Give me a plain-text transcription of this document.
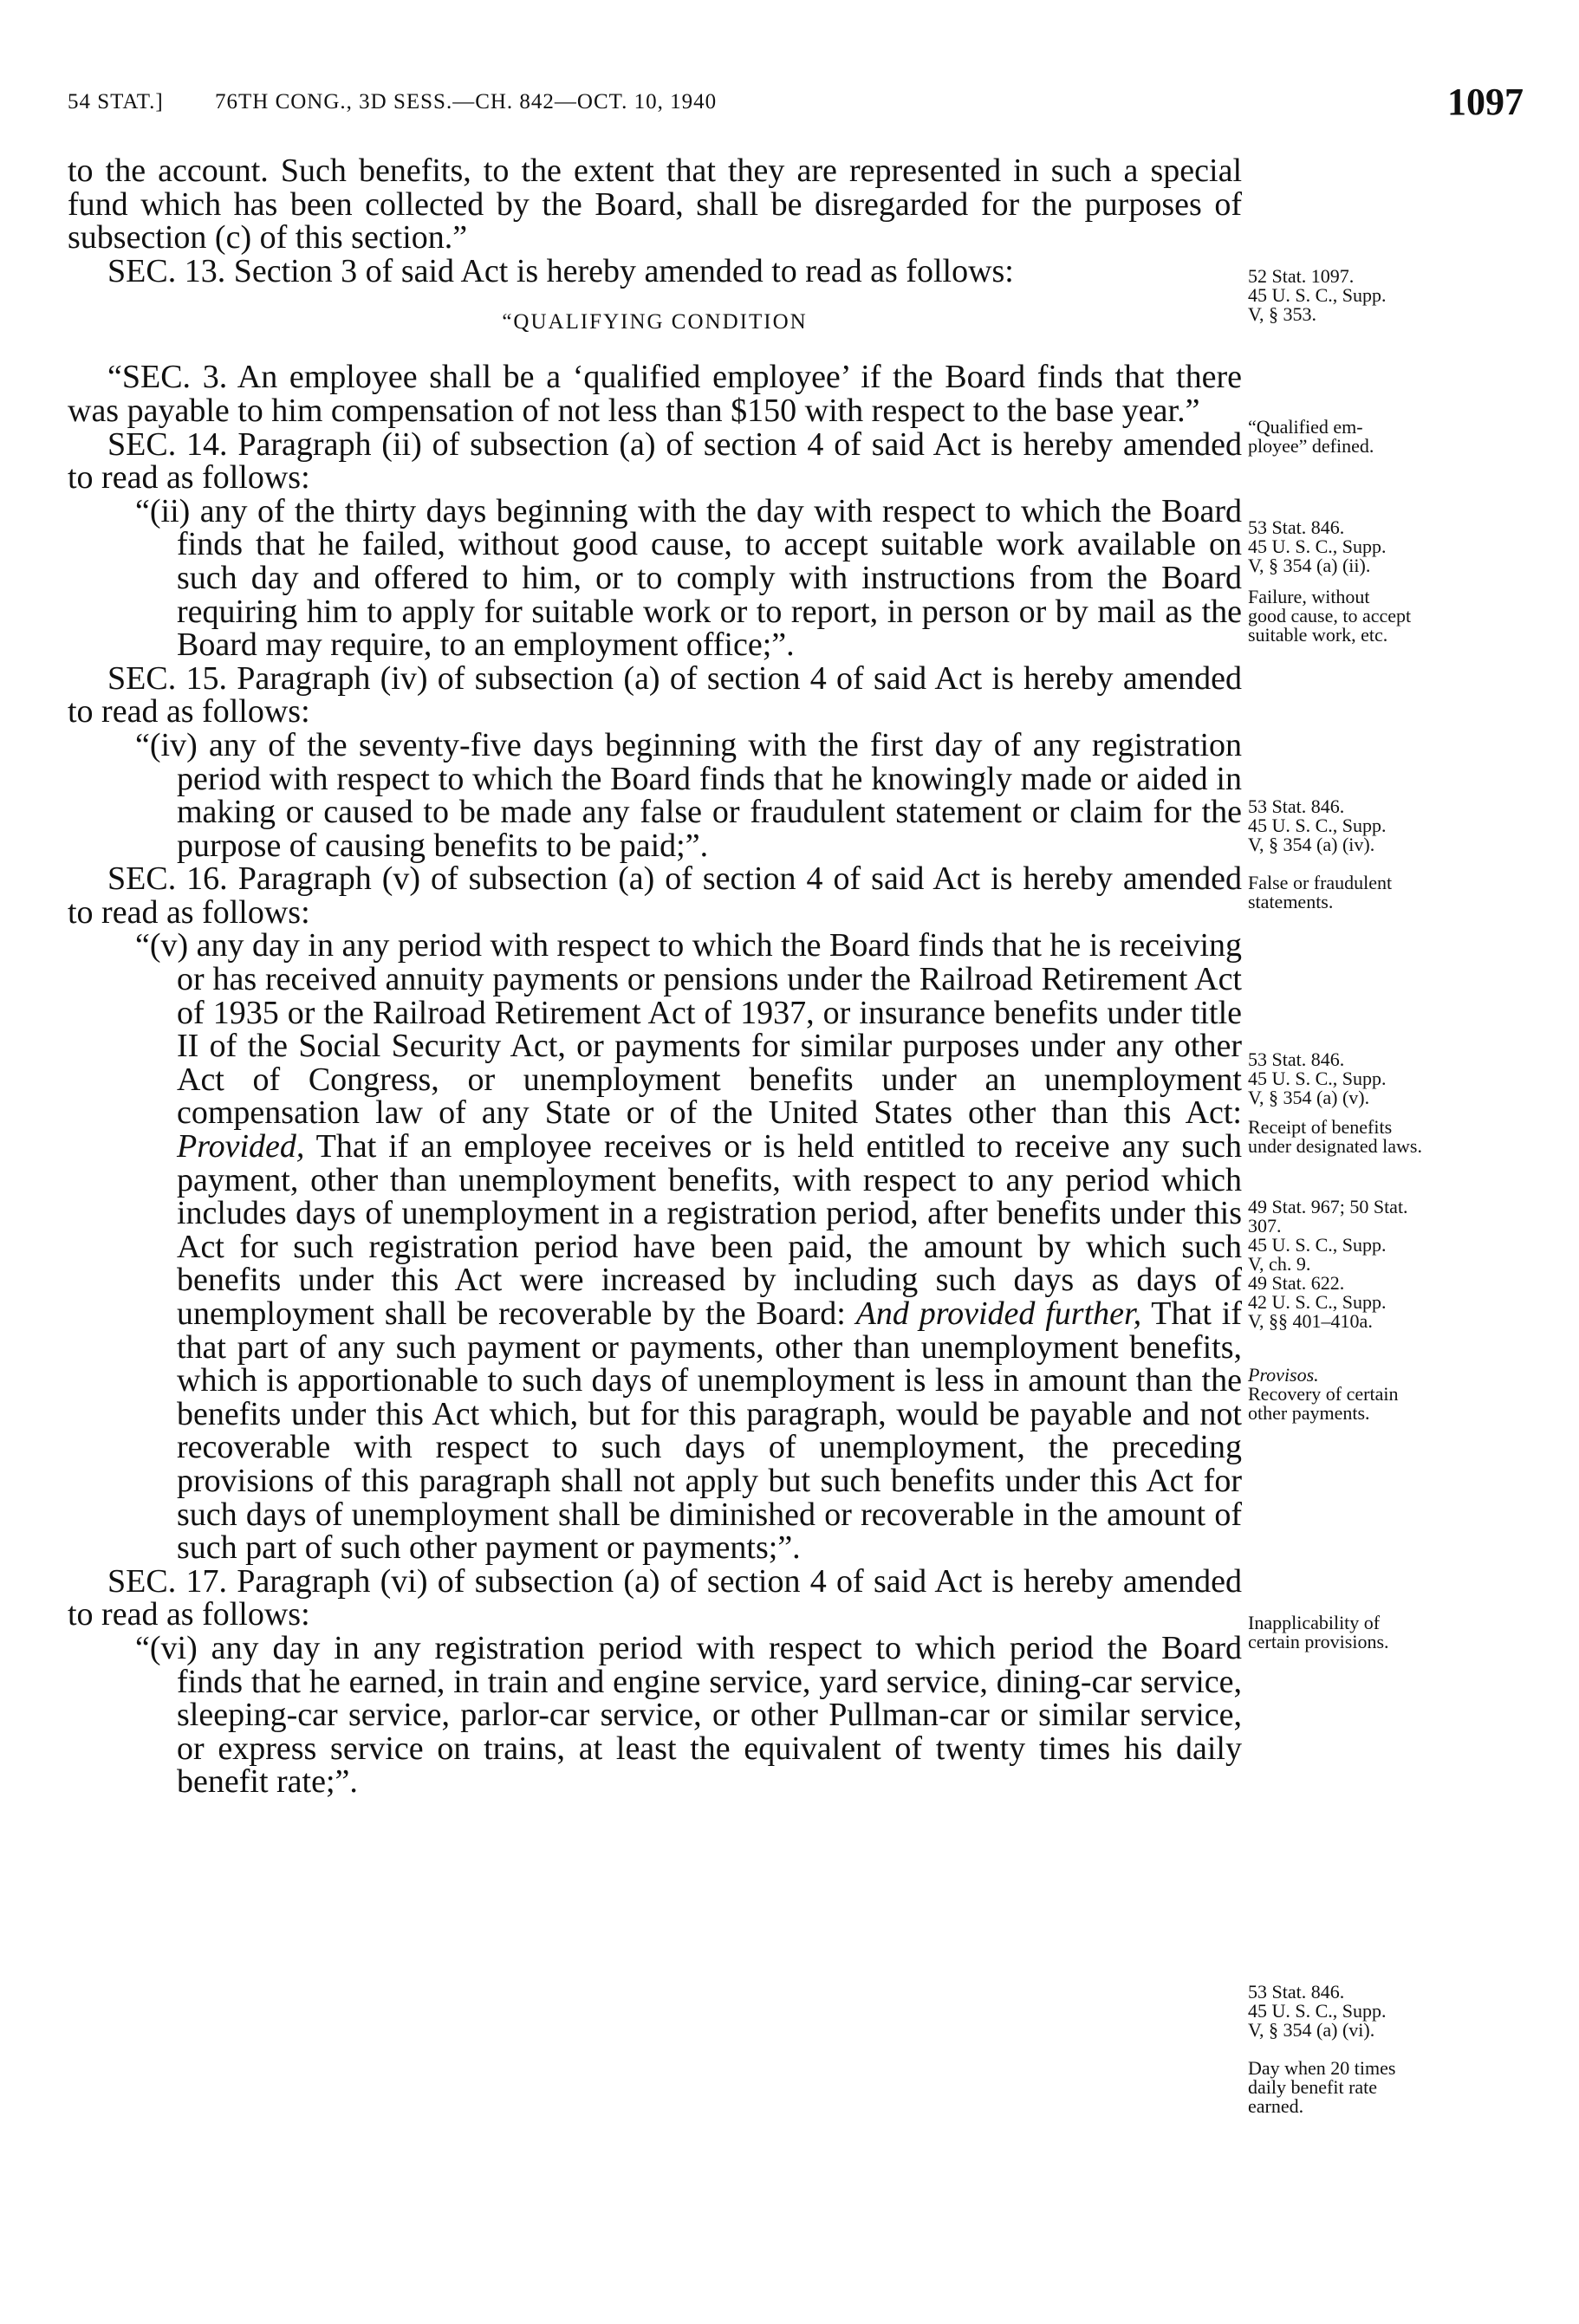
54 STAT.] 76TH CONG., 3D SESS.—CH. 842—OCT. 10, 1940	1097

to the account. Such benefits, to the extent that they are represented in such a special fund which has been collected by the Board, shall be disregarded for the purposes of subsection (c) of this section.”

SEC. 13. Section 3 of said Act is hereby amended to read as follows:

“QUALIFYING CONDITION

“SEC. 3. An employee shall be a ‘qualified employee’ if the Board finds that there was payable to him compensation of not less than $150 with respect to the base year.”

SEC. 14. Paragraph (ii) of subsection (a) of section 4 of said Act is hereby amended to read as follows:

“(ii) any of the thirty days beginning with the day with respect to which the Board finds that he failed, without good cause, to accept suitable work available on such day and offered to him, or to comply with instructions from the Board requiring him to apply for suitable work or to report, in person or by mail as the Board may require, to an employment office;”.

SEC. 15. Paragraph (iv) of subsection (a) of section 4 of said Act is hereby amended to read as follows:

“(iv) any of the seventy-five days beginning with the first day of any registration period with respect to which the Board finds that he knowingly made or aided in making or caused to be made any false or fraudulent statement or claim for the purpose of causing benefits to be paid;”.

SEC. 16. Paragraph (v) of subsection (a) of section 4 of said Act is hereby amended to read as follows:

“(v) any day in any period with respect to which the Board finds that he is receiving or has received annuity payments or pensions under the Railroad Retirement Act of 1935 or the Railroad Retirement Act of 1937, or insurance benefits under title II of the Social Security Act, or payments for similar purposes under any other Act of Congress, or unemployment benefits under an unemployment compensation law of any State or of the United States other than this Act: Provided, That if an employee receives or is held entitled to receive any such payment, other than unemployment benefits, with respect to any period which includes days of unemployment in a registration period, after benefits under this Act for such registration period have been paid, the amount by which such benefits under this Act were increased by including such days as days of unemployment shall be recoverable by the Board: And provided further, That if that part of any such payment or payments, other than unemployment benefits, which is apportionable to such days of unemployment is less in amount than the benefits under this Act which, but for this paragraph, would be payable and not recoverable with respect to such days of unemployment, the preceding provisions of this paragraph shall not apply but such benefits under this Act for such days of unemployment shall be diminished or recoverable in the amount of such part of such other payment or payments;”.

SEC. 17. Paragraph (vi) of subsection (a) of section 4 of said Act is hereby amended to read as follows:

“(vi) any day in any registration period with respect to which period the Board finds that he earned, in train and engine service, yard service, dining-car service, sleeping-car service, parlor-car service, or other Pullman-car or similar service, or express service on trains, at least the equivalent of twenty times his daily benefit rate;”.

52 Stat. 1097.
45 U. S. C., Supp.
V, § 353.
“Qualified em-
ployee” defined.
53 Stat. 846.
45 U. S. C., Supp.
V, § 354 (a) (ii).
Failure, without
good cause, to accept
suitable work, etc.
53 Stat. 846.
45 U. S. C., Supp.
V, § 354 (a) (iv).
False or fraudulent
statements.
53 Stat. 846.
45 U. S. C., Supp.
V, § 354 (a) (v).
Receipt of benefits
under designated laws.
49 Stat. 967; 50 Stat.
307.
45 U. S. C., Supp.
V, ch. 9.
49 Stat. 622.
42 U. S. C., Supp.
V, §§ 401–410a.
Provisos.
Recovery of certain
other payments.
Inapplicability of
certain provisions.
53 Stat. 846.
45 U. S. C., Supp.
V, § 354 (a) (vi).
Day when 20 times
daily benefit rate
earned.
